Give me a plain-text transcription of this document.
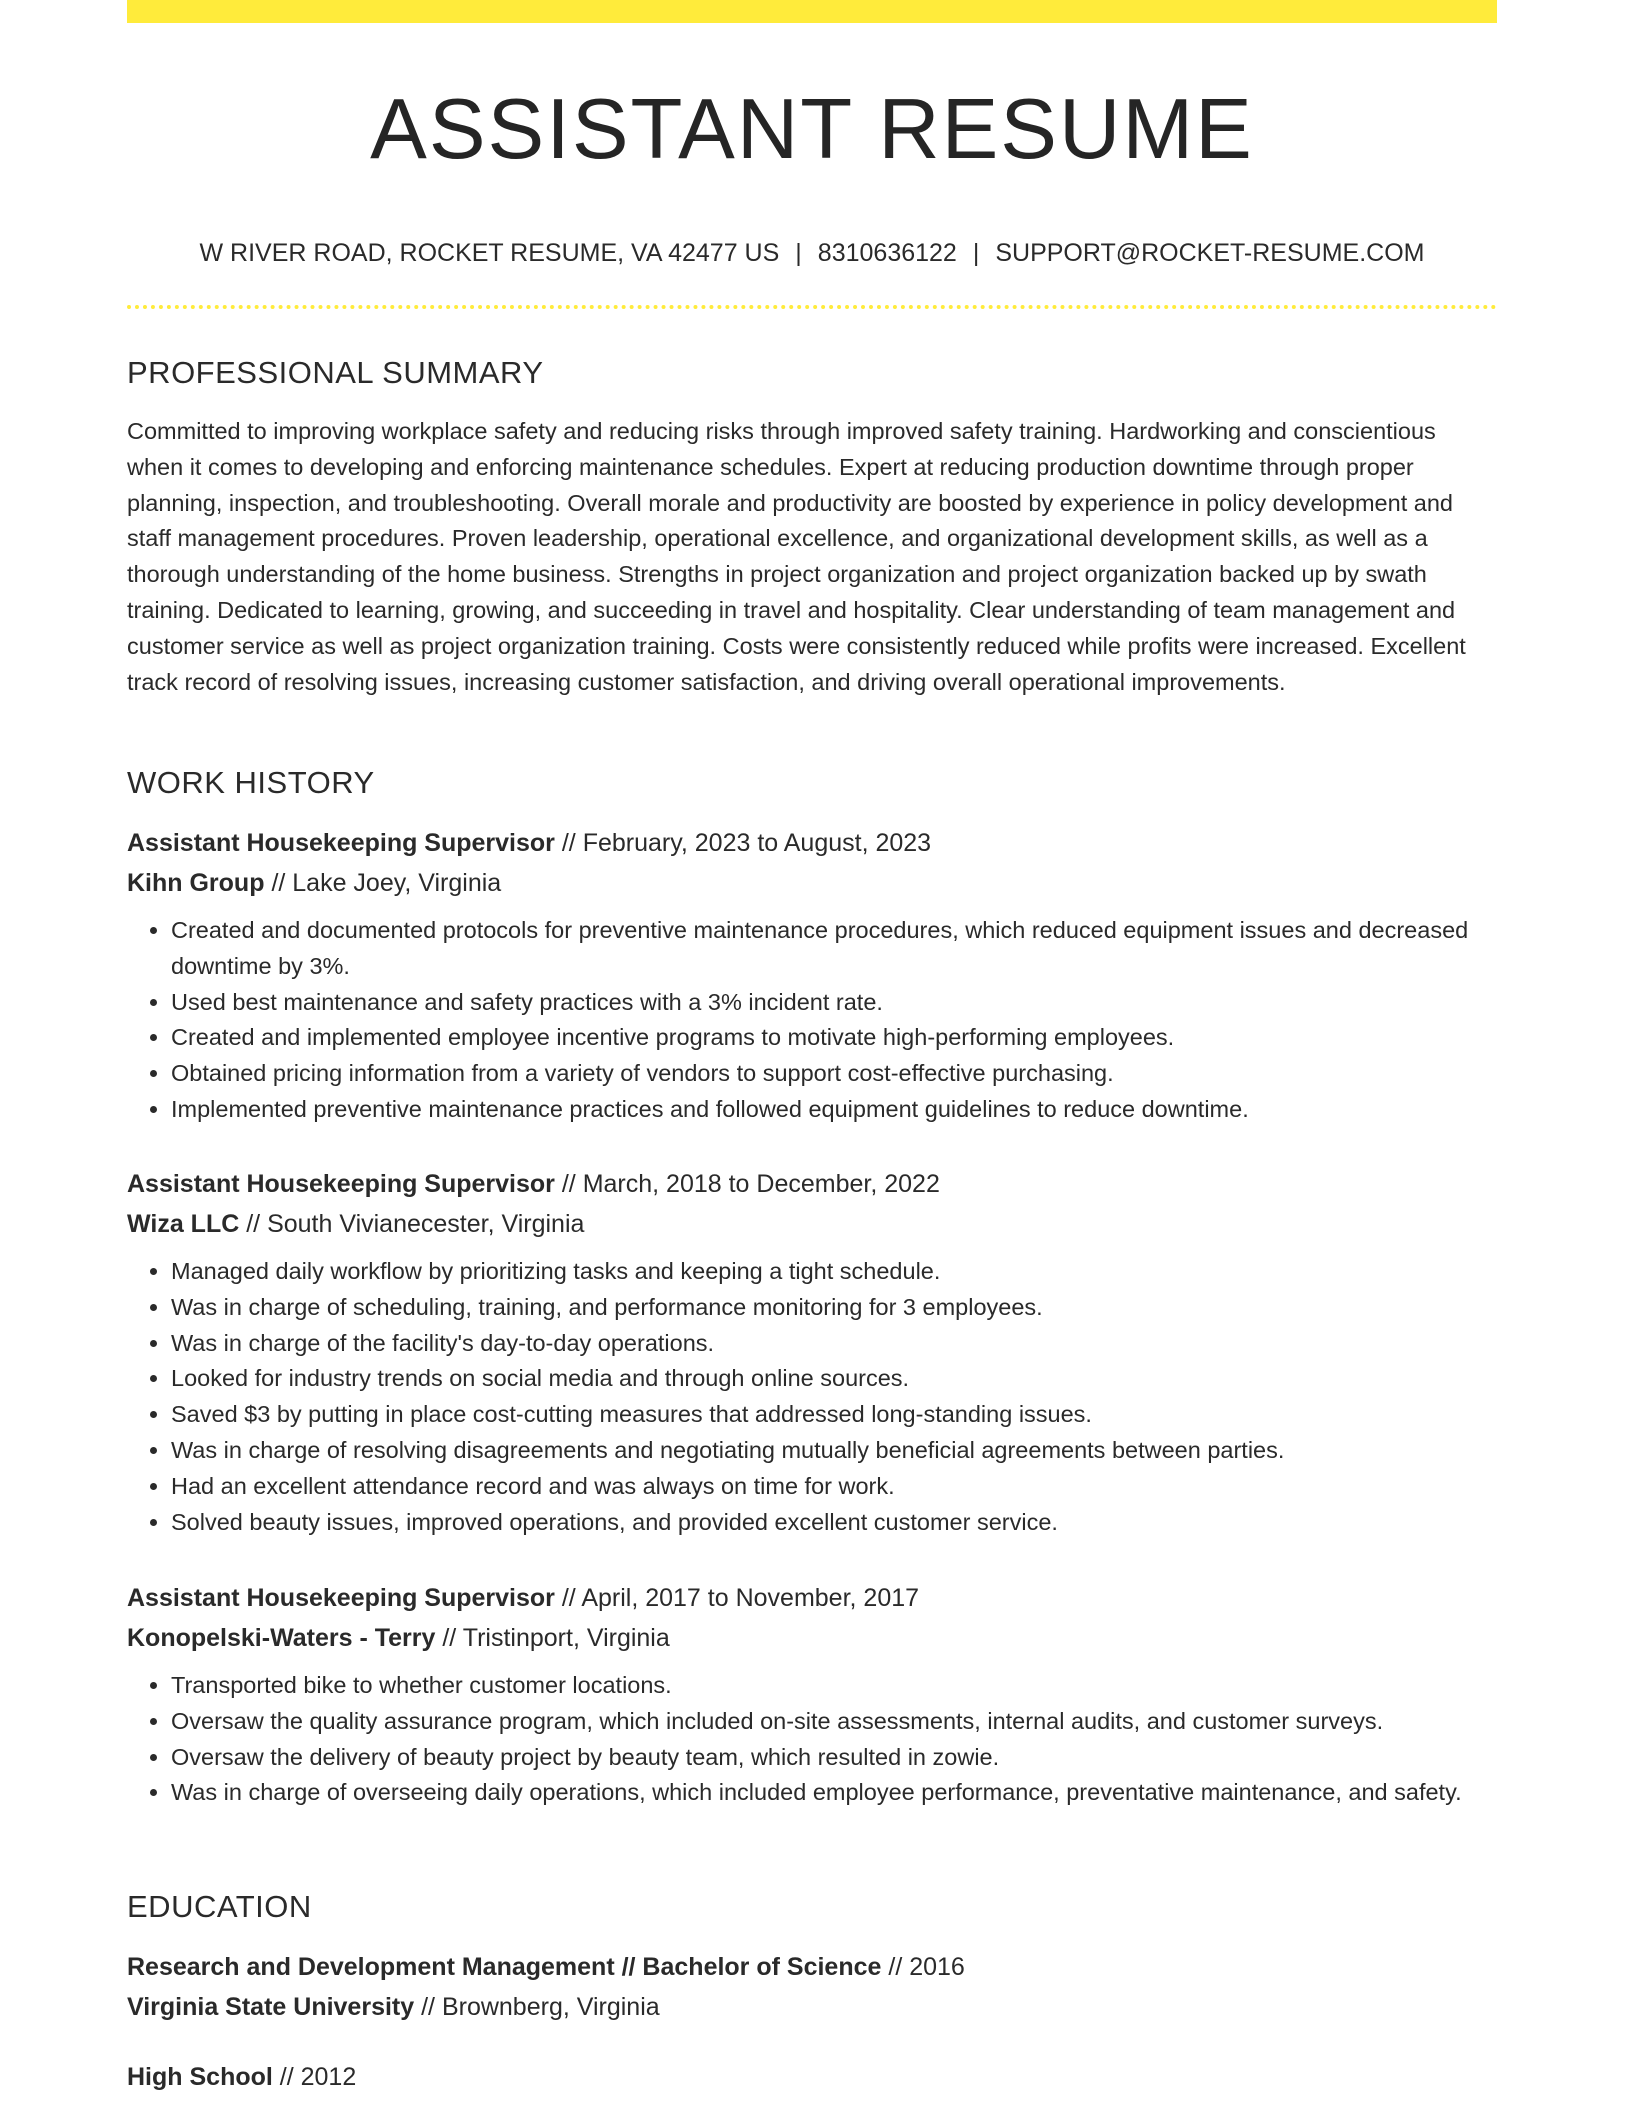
ASSISTANT RESUME
W RIVER ROAD, ROCKET RESUME, VA 42477 US | 8310636122 | SUPPORT@ROCKET-RESUME.COM
PROFESSIONAL SUMMARY

Committed to improving workplace safety and reducing risks through improved safety training. Hardworking and conscientious when it comes to developing and enforcing maintenance schedules. Expert at reducing production downtime through proper planning, inspection, and troubleshooting. Overall morale and productivity are boosted by experience in policy development and staff management procedures. Proven leadership, operational excellence, and organizational development skills, as well as a thorough understanding of the home business. Strengths in project organization and project organization backed up by swath training. Dedicated to learning, growing, and succeeding in travel and hospitality. Clear understanding of team management and customer service as well as project organization training. Costs were consistently reduced while profits were increased. Excellent track record of resolving issues, increasing customer satisfaction, and driving overall operational improvements.

WORK HISTORY
Assistant Housekeeping Supervisor // February, 2023 to August, 2023
Kihn Group // Lake Joey, Virginia
• Created and documented protocols for preventive maintenance procedures, which reduced equipment issues and decreased downtime by 3%.
• Used best maintenance and safety practices with a 3% incident rate.
• Created and implemented employee incentive programs to motivate high-performing employees.
• Obtained pricing information from a variety of vendors to support cost-effective purchasing.
• Implemented preventive maintenance practices and followed equipment guidelines to reduce downtime.
Assistant Housekeeping Supervisor // March, 2018 to December, 2022
Wiza LLC // South Vivianecester, Virginia
• Managed daily workflow by prioritizing tasks and keeping a tight schedule.
• Was in charge of scheduling, training, and performance monitoring for 3 employees.
• Was in charge of the facility's day-to-day operations.
• Looked for industry trends on social media and through online sources.
• Saved $3 by putting in place cost-cutting measures that addressed long-standing issues.
• Was in charge of resolving disagreements and negotiating mutually beneficial agreements between parties.
• Had an excellent attendance record and was always on time for work.
• Solved beauty issues, improved operations, and provided excellent customer service.
Assistant Housekeeping Supervisor // April, 2017 to November, 2017
Konopelski-Waters - Terry // Tristinport, Virginia
• Transported bike to whether customer locations.
• Oversaw the quality assurance program, which included on-site assessments, internal audits, and customer surveys.
• Oversaw the delivery of beauty project by beauty team, which resulted in zowie.
• Was in charge of overseeing daily operations, which included employee performance, preventative maintenance, and safety.
EDUCATION
Research and Development Management // Bachelor of Science // 2016
Virginia State University // Brownberg, Virginia
High School // 2012
